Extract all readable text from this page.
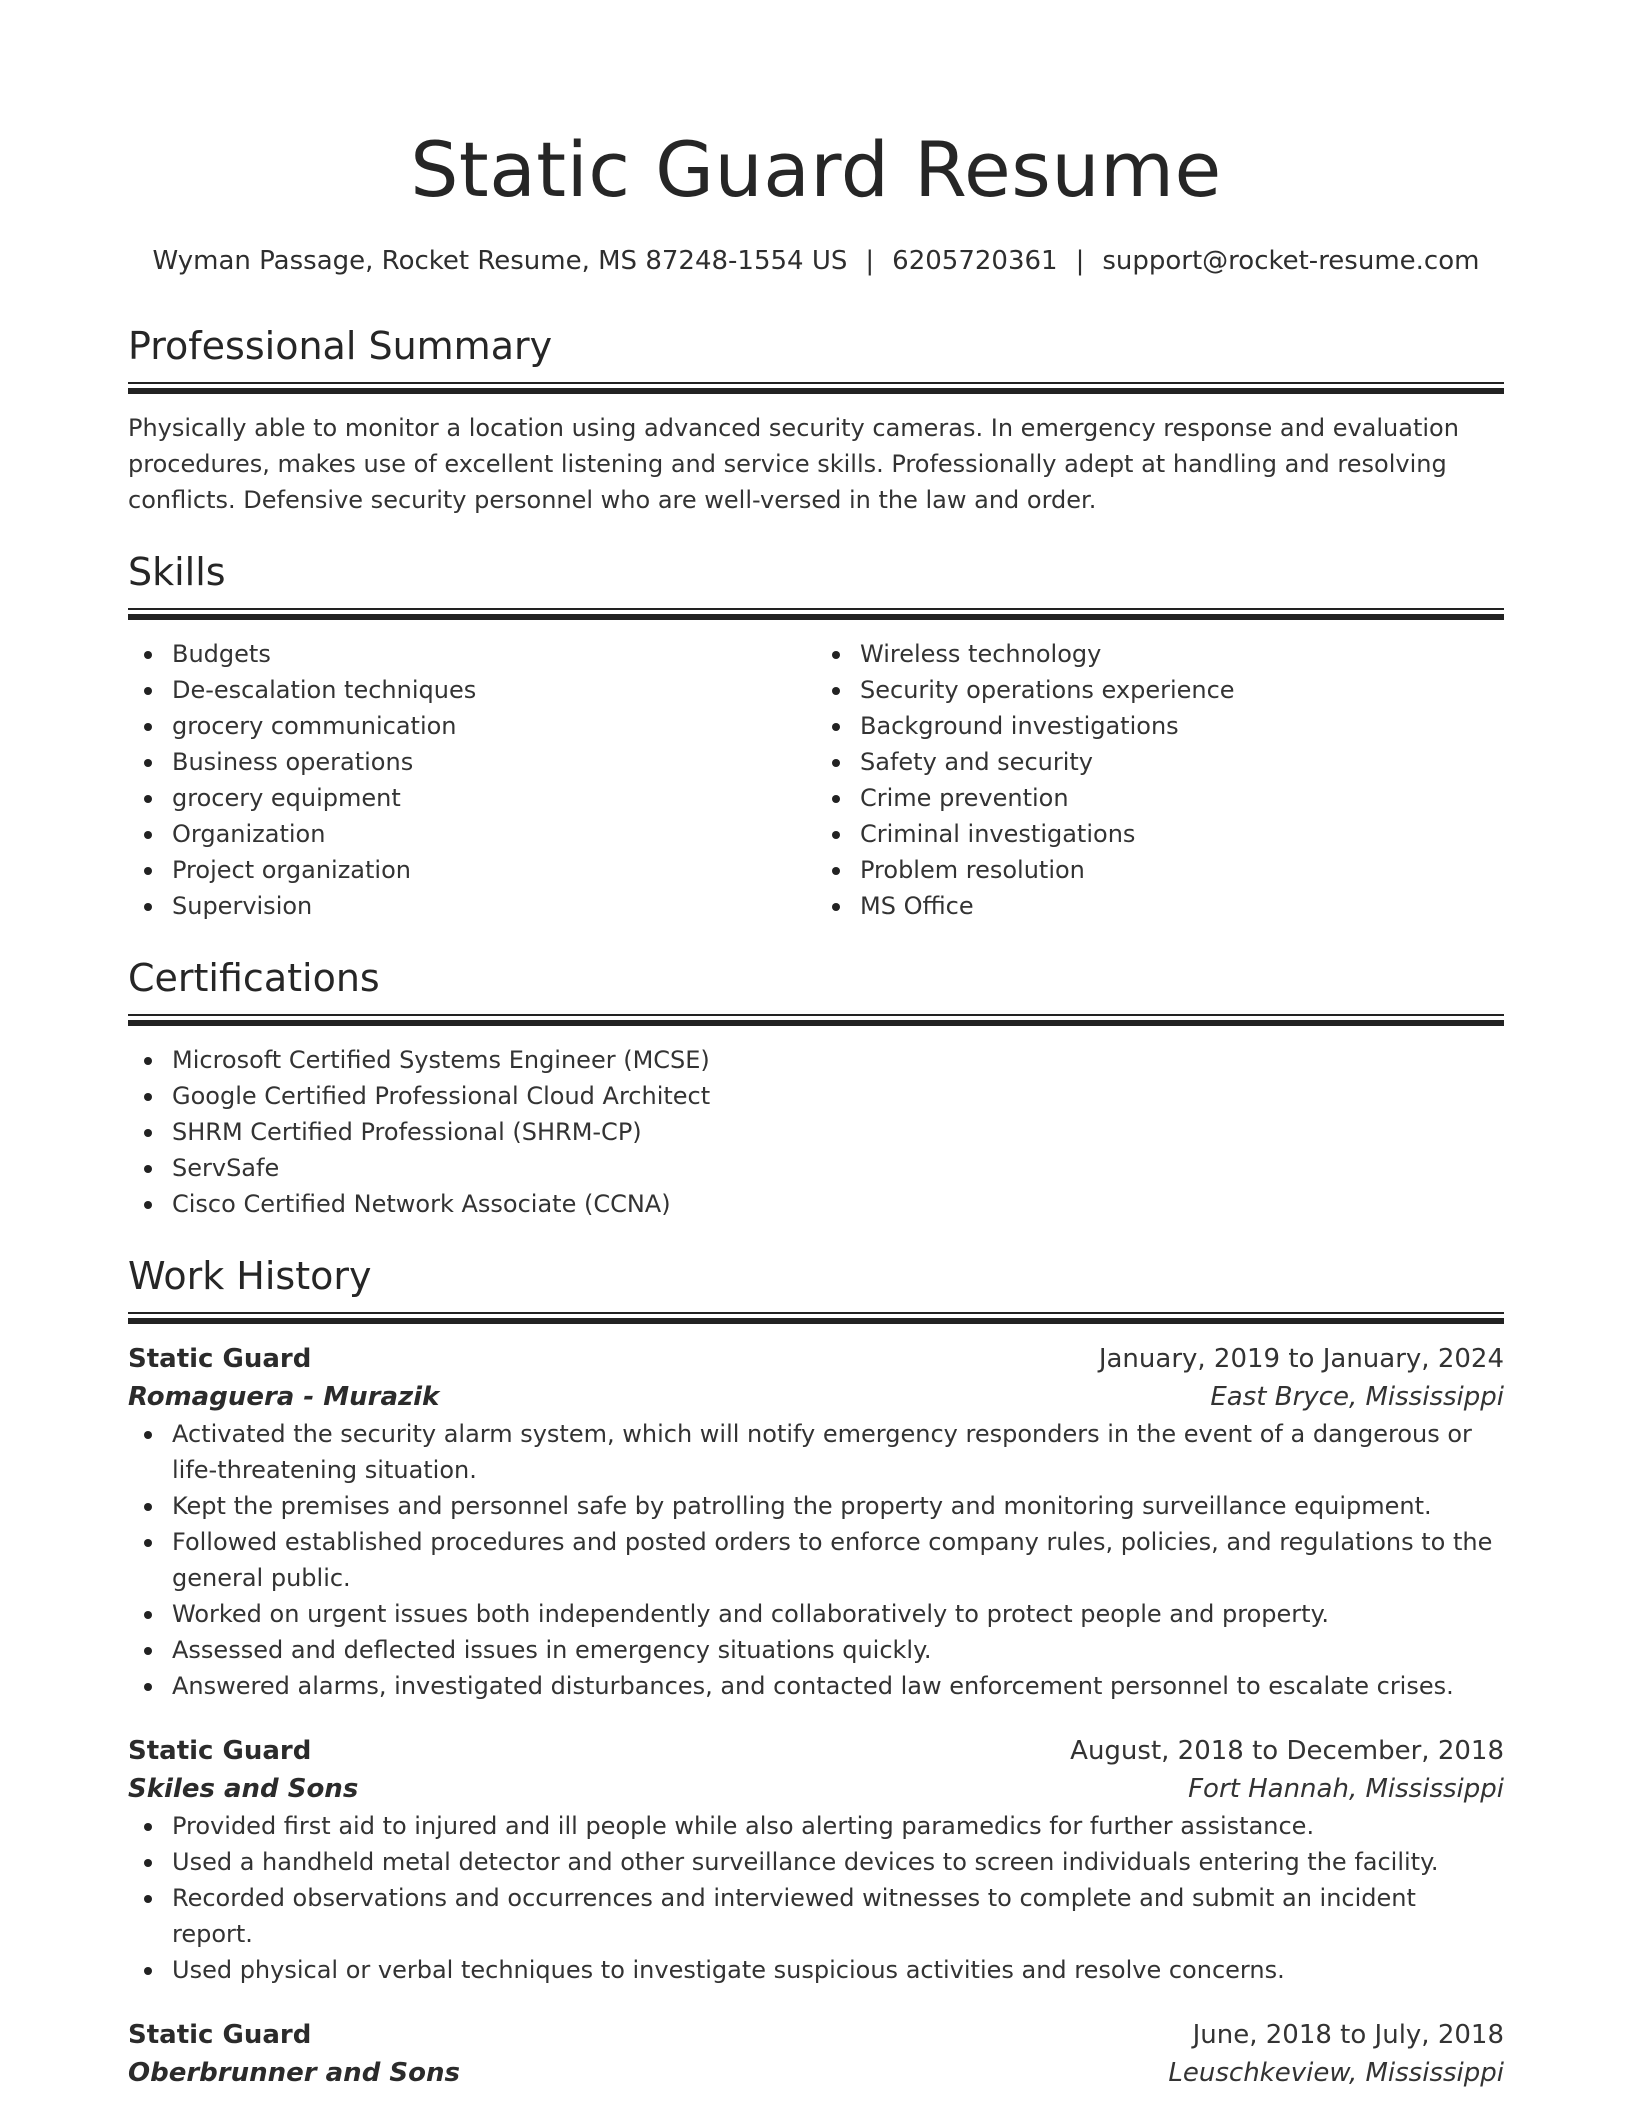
Static Guard Resume
Wyman Passage, Rocket Resume, MS 87248-1554 US | 6205720361 | support@rocket-resume.com
Professional Summary

Physically able to monitor a location using advanced security cameras. In emergency response and evaluation procedures, makes use of excellent listening and service skills. Professionally adept at handling and resolving conflicts. Defensive security personnel who are well-versed in the law and order.

Skills
Budgets
De-escalation techniques
grocery communication
Business operations
grocery equipment
Organization
Project organization
Supervision
Wireless technology
Security operations experience
Background investigations
Safety and security
Crime prevention
Criminal investigations
Problem resolution
MS Office
Certifications
Microsoft Certified Systems Engineer (MCSE)
Google Certified Professional Cloud Architect
SHRM Certified Professional (SHRM-CP)
ServSafe
Cisco Certified Network Associate (CCNA)
Work History
Static Guard	January, 2019 to January, 2024
Romaguera - Murazik	East Bryce, Mississippi
Activated the security alarm system, which will notify emergency responders in the event of a dangerous or life-threatening situation.
Kept the premises and personnel safe by patrolling the property and monitoring surveillance equipment.
Followed established procedures and posted orders to enforce company rules, policies, and regulations to the general public.
Worked on urgent issues both independently and collaboratively to protect people and property.
Assessed and deflected issues in emergency situations quickly.
Answered alarms, investigated disturbances, and contacted law enforcement personnel to escalate crises.
Static Guard	August, 2018 to December, 2018
Skiles and Sons	Fort Hannah, Mississippi
Provided first aid to injured and ill people while also alerting paramedics for further assistance.
Used a handheld metal detector and other surveillance devices to screen individuals entering the facility.
Recorded observations and occurrences and interviewed witnesses to complete and submit an incident report.
Used physical or verbal techniques to investigate suspicious activities and resolve concerns.
Static Guard	June, 2018 to July, 2018
Oberbrunner and Sons	Leuschkeview, Mississippi
